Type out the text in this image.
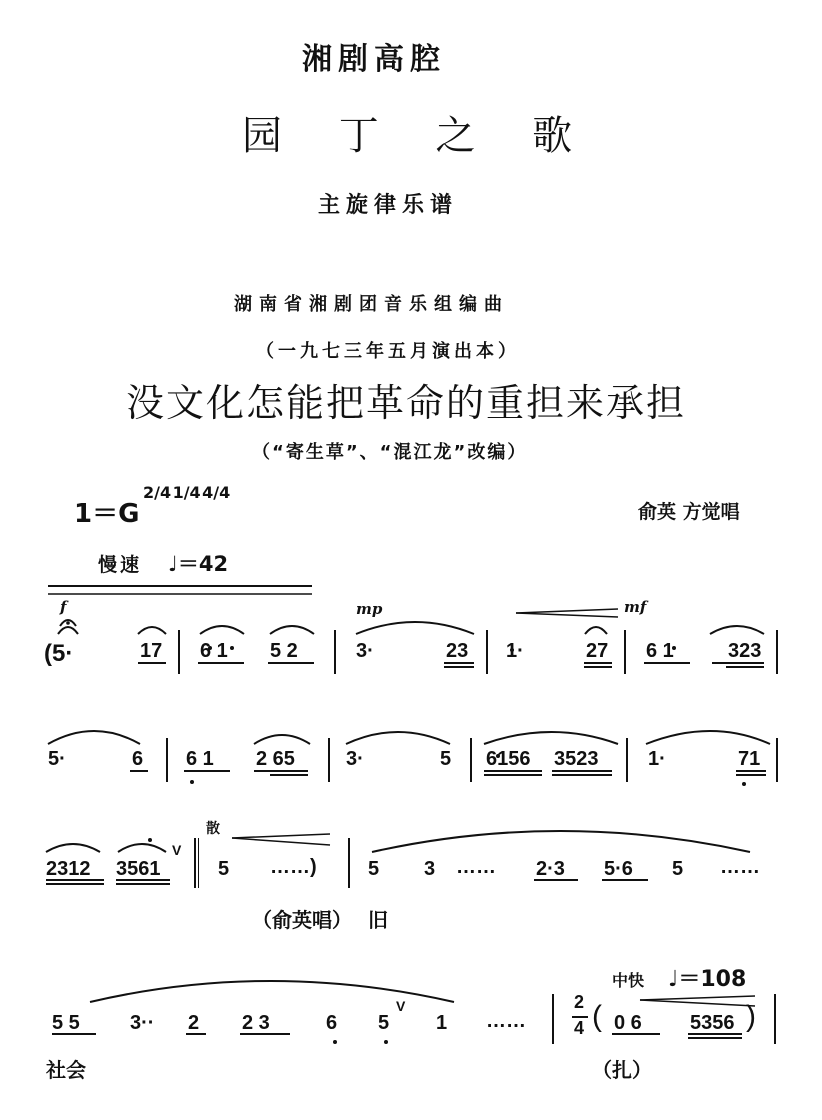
湘剧高腔
园 丁 之 歌
主旋律乐谱
湖南省湘剧团音乐组编曲
（一九七三年五月演出本）
没文化怎能把革命的重担来承担
（“寄生草”、“混江龙”改编）
1＝G
2/4 1/4 4/4
俞英 方觉唱
慢速 ♩＝42
f	mp	mf
散
(5·	17 6 1 5 2	3·	23 1·	27 6 1	323
5·	6 6 1 2 65	3·	5 6156 3523 1·	71
2312 3561
V
5 ……)	5 3 …… 2·3 5·6 5 ……
（俞英唱） 旧
中快 ♩＝108
5 5	3·· 2 2 3	6 5
V
1 ……
2
4 ( 0 6 5356 )
社会	（扎）
